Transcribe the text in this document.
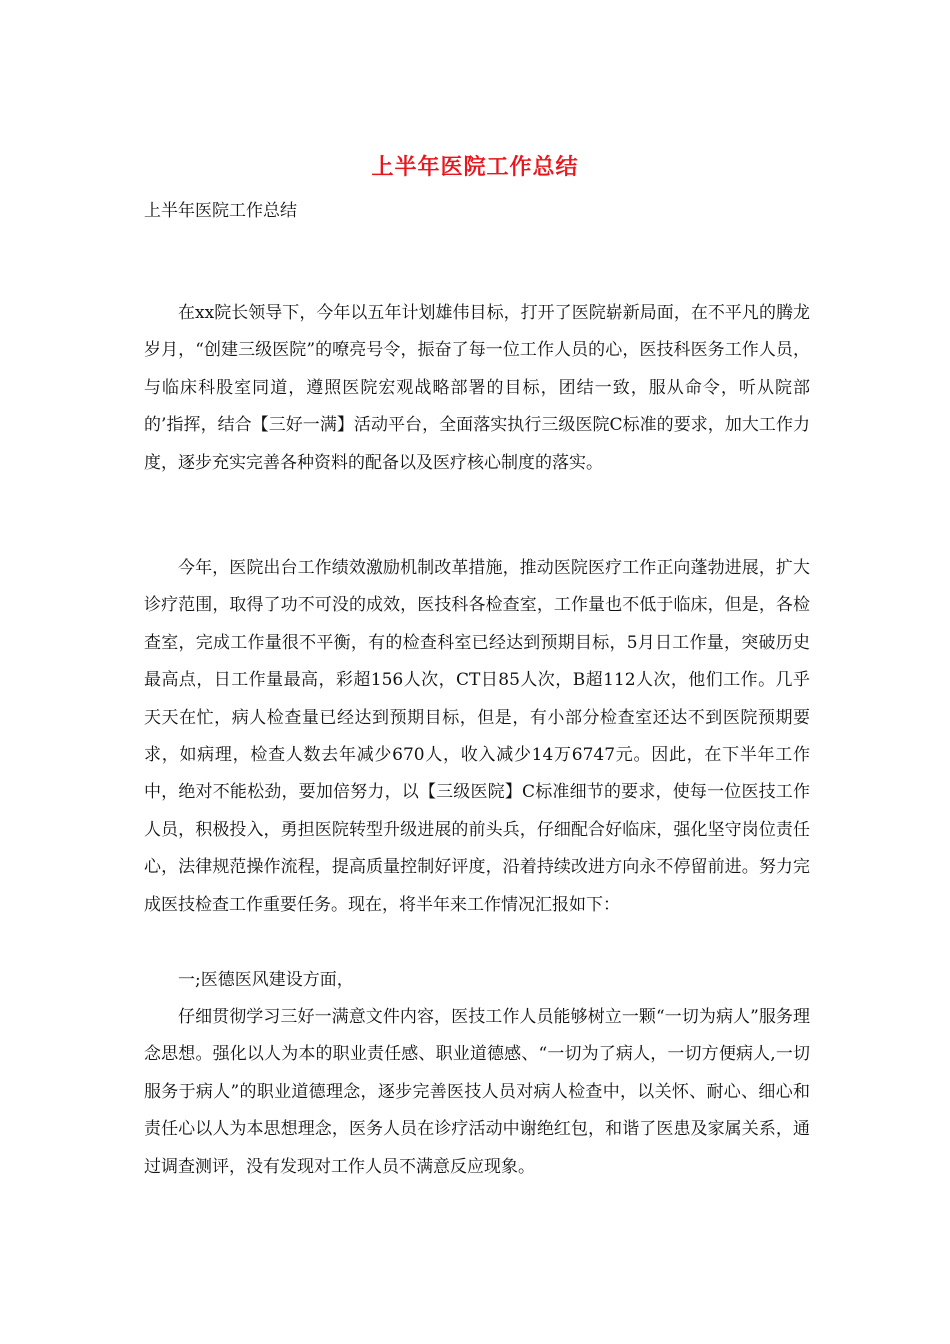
上半年医院工作总结
上半年医院工作总结

在xx院长领导下，今年以五年计划雄伟目标，打开了医院崭新局面，在不平凡的腾龙岁月，“创建三级医院”的嘹亮号令，振奋了每一位工作人员的心，医技科医务工作人员，与临床科股室同道，遵照医院宏观战略部署的目标，团结一致，服从命令，听从院部的’指挥，结合【三好一满】活动平台，全面落实执行三级医院C标准的要求，加大工作力度，逐步充实完善各种资料的配备以及医疗核心制度的落实。

今年，医院出台工作绩效激励机制改革措施，推动医院医疗工作正向蓬勃进展，扩大诊疗范围，取得了功不可没的成效，医技科各检查室，工作量也不低于临床，但是，各检查室，完成工作量很不平衡，有的检查科室已经达到预期目标，5月日工作量，突破历史最高点，日工作量最高，彩超156人次，CT日85人次，B超112人次，他们工作。几乎天天在忙，病人检查量已经达到预期目标，但是，有小部分检查室还达不到医院预期要求，如病理，检查人数去年减少670人，收入减少14万6747元。因此，在下半年工作中，绝对不能松劲，要加倍努力，以【三级医院】C标准细节的要求，使每一位医技工作人员，积极投入，勇担医院转型升级进展的前头兵，仔细配合好临床，强化坚守岗位责任心，法律规范操作流程，提高质量控制好评度，沿着持续改进方向永不停留前进。努力完成医技检查工作重要任务。现在，将半年来工作情况汇报如下：

一;医德医风建设方面，

仔细贯彻学习三好一满意文件内容，医技工作人员能够树立一颗“一切为病人”服务理念思想。强化以人为本的职业责任感、职业道德感、“一切为了病人，一切方便病人,一切服务于病人”的职业道德理念，逐步完善医技人员对病人检查中，以关怀、耐心、细心和责任心以人为本思想理念，医务人员在诊疗活动中谢绝红包，和谐了医患及家属关系，通过调查测评，没有发现对工作人员不满意反应现象。
